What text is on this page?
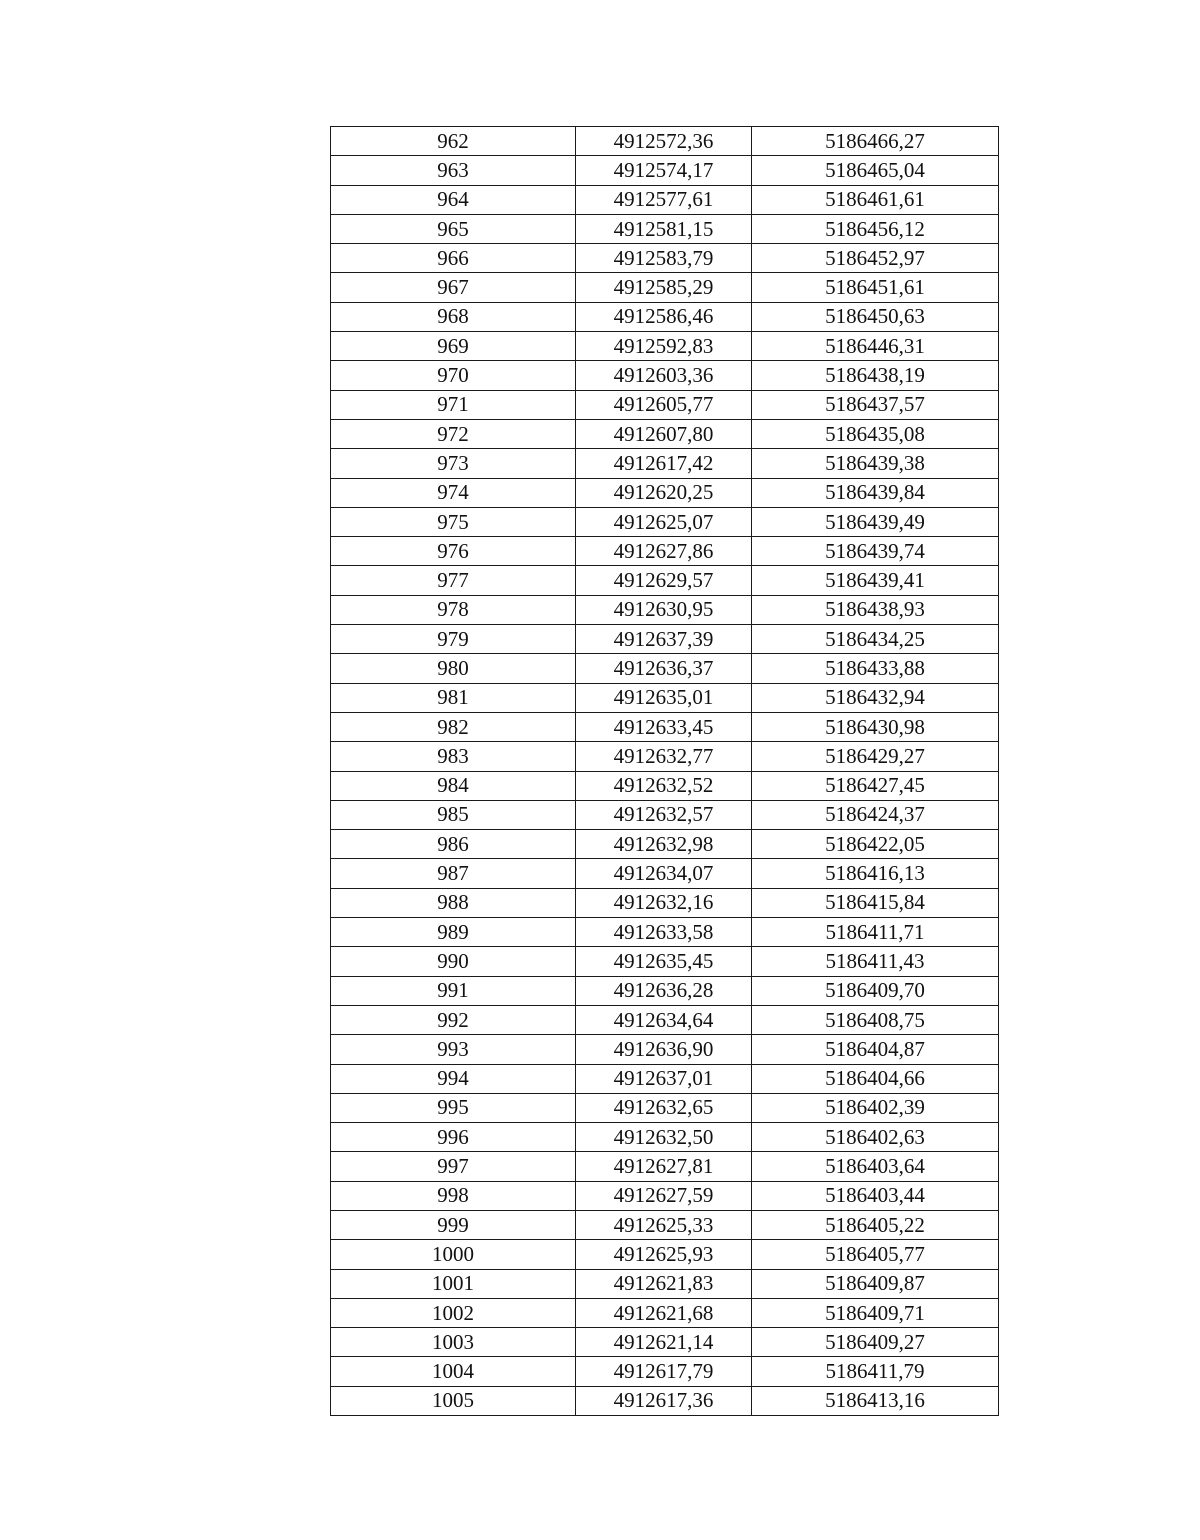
962	4912572,36	5186466,27
963	4912574,17	5186465,04
964	4912577,61	5186461,61
965	4912581,15	5186456,12
966	4912583,79	5186452,97
967	4912585,29	5186451,61
968	4912586,46	5186450,63
969	4912592,83	5186446,31
970	4912603,36	5186438,19
971	4912605,77	5186437,57
972	4912607,80	5186435,08
973	4912617,42	5186439,38
974	4912620,25	5186439,84
975	4912625,07	5186439,49
976	4912627,86	5186439,74
977	4912629,57	5186439,41
978	4912630,95	5186438,93
979	4912637,39	5186434,25
980	4912636,37	5186433,88
981	4912635,01	5186432,94
982	4912633,45	5186430,98
983	4912632,77	5186429,27
984	4912632,52	5186427,45
985	4912632,57	5186424,37
986	4912632,98	5186422,05
987	4912634,07	5186416,13
988	4912632,16	5186415,84
989	4912633,58	5186411,71
990	4912635,45	5186411,43
991	4912636,28	5186409,70
992	4912634,64	5186408,75
993	4912636,90	5186404,87
994	4912637,01	5186404,66
995	4912632,65	5186402,39
996	4912632,50	5186402,63
997	4912627,81	5186403,64
998	4912627,59	5186403,44
999	4912625,33	5186405,22
1000	4912625,93	5186405,77
1001	4912621,83	5186409,87
1002	4912621,68	5186409,71
1003	4912621,14	5186409,27
1004	4912617,79	5186411,79
1005	4912617,36	5186413,16
